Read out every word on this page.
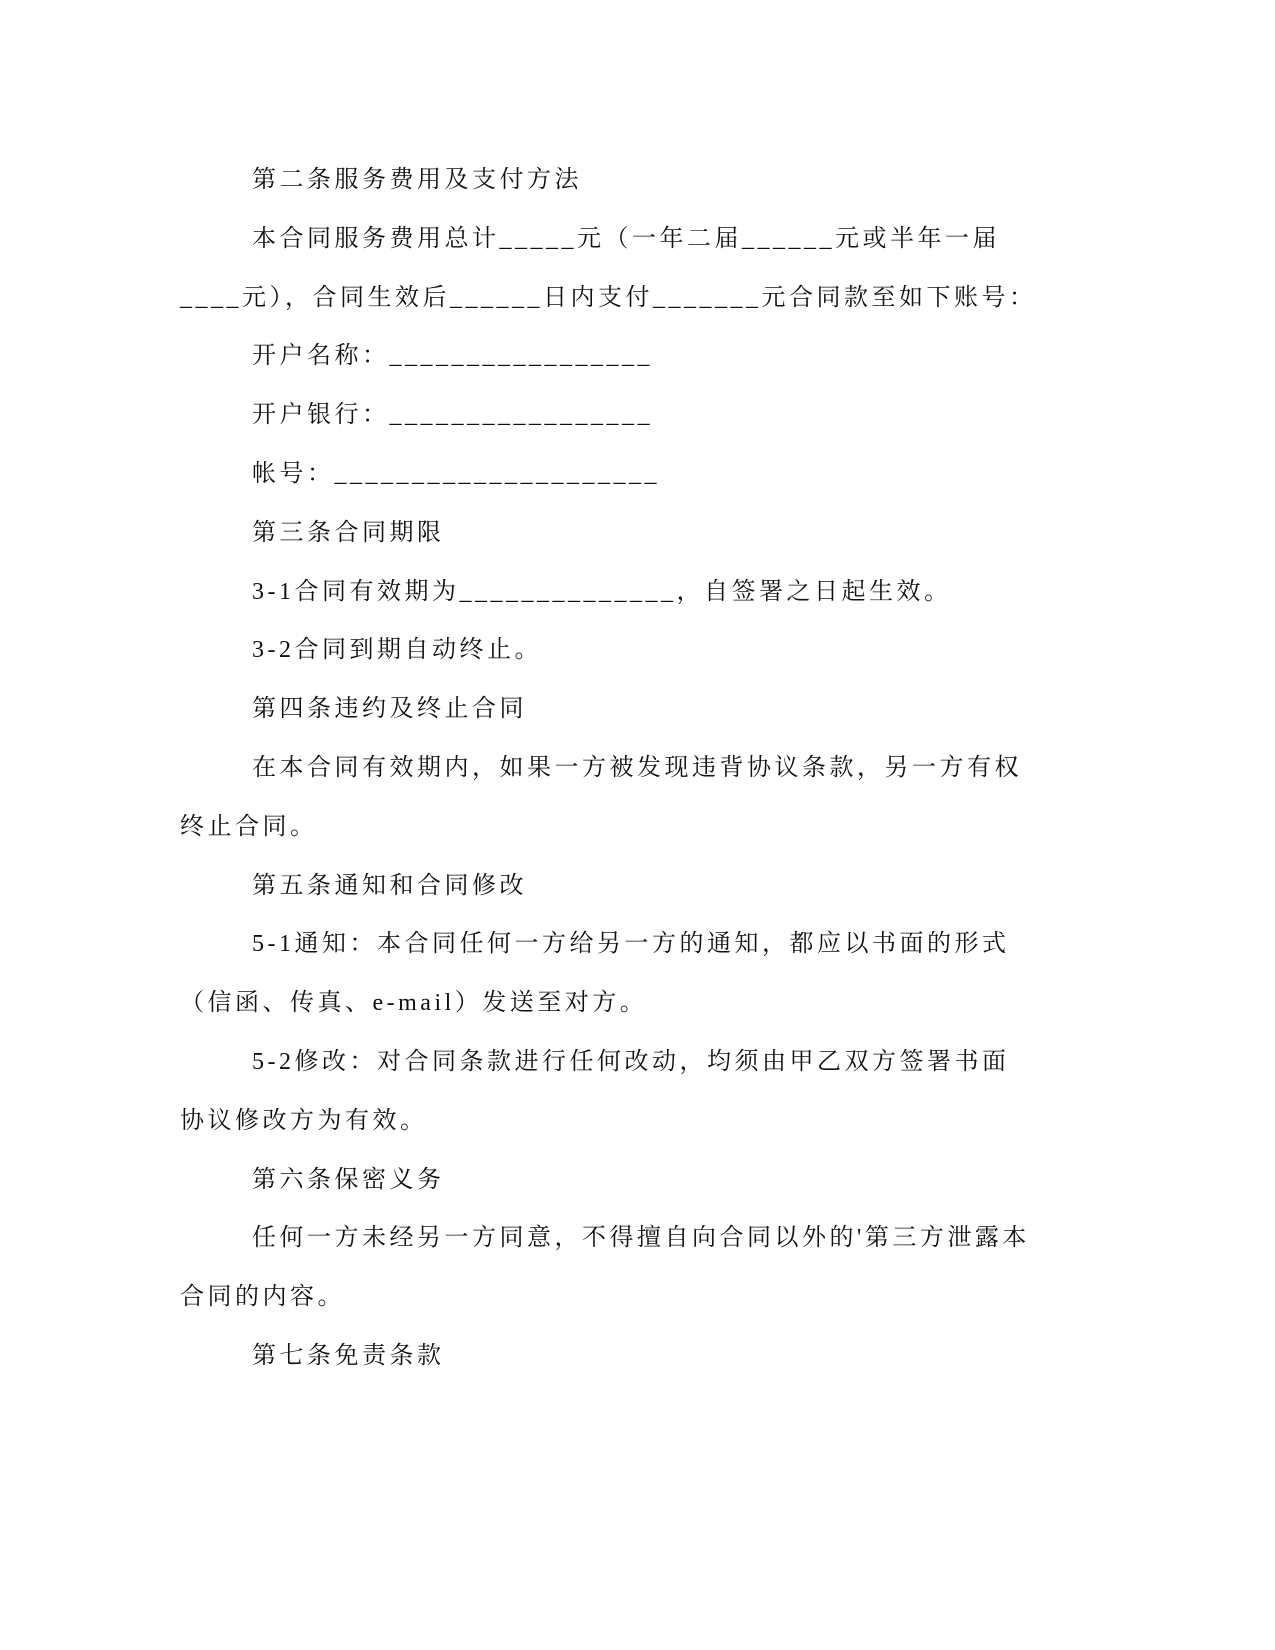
第二条服务费用及支付方法
本合同服务费用总计_____元（一年二届______元或半年一届
____元），合同生效后______日内支付_______元合同款至如下账号：
开户名称：_________________
开户银行：_________________
帐号：_____________________
第三条合同期限
3-1合同有效期为______________，自签署之日起生效。
3-2合同到期自动终止。
第四条违约及终止合同
在本合同有效期内，如果一方被发现违背协议条款，另一方有权
终止合同。
第五条通知和合同修改
5-1通知：本合同任何一方给另一方的通知，都应以书面的形式
（信函、传真、e-mail）发送至对方。
5-2修改：对合同条款进行任何改动，均须由甲乙双方签署书面
协议修改方为有效。
第六条保密义务
任何一方未经另一方同意，不得擅自向合同以外的'第三方泄露本
合同的内容。
第七条免责条款
